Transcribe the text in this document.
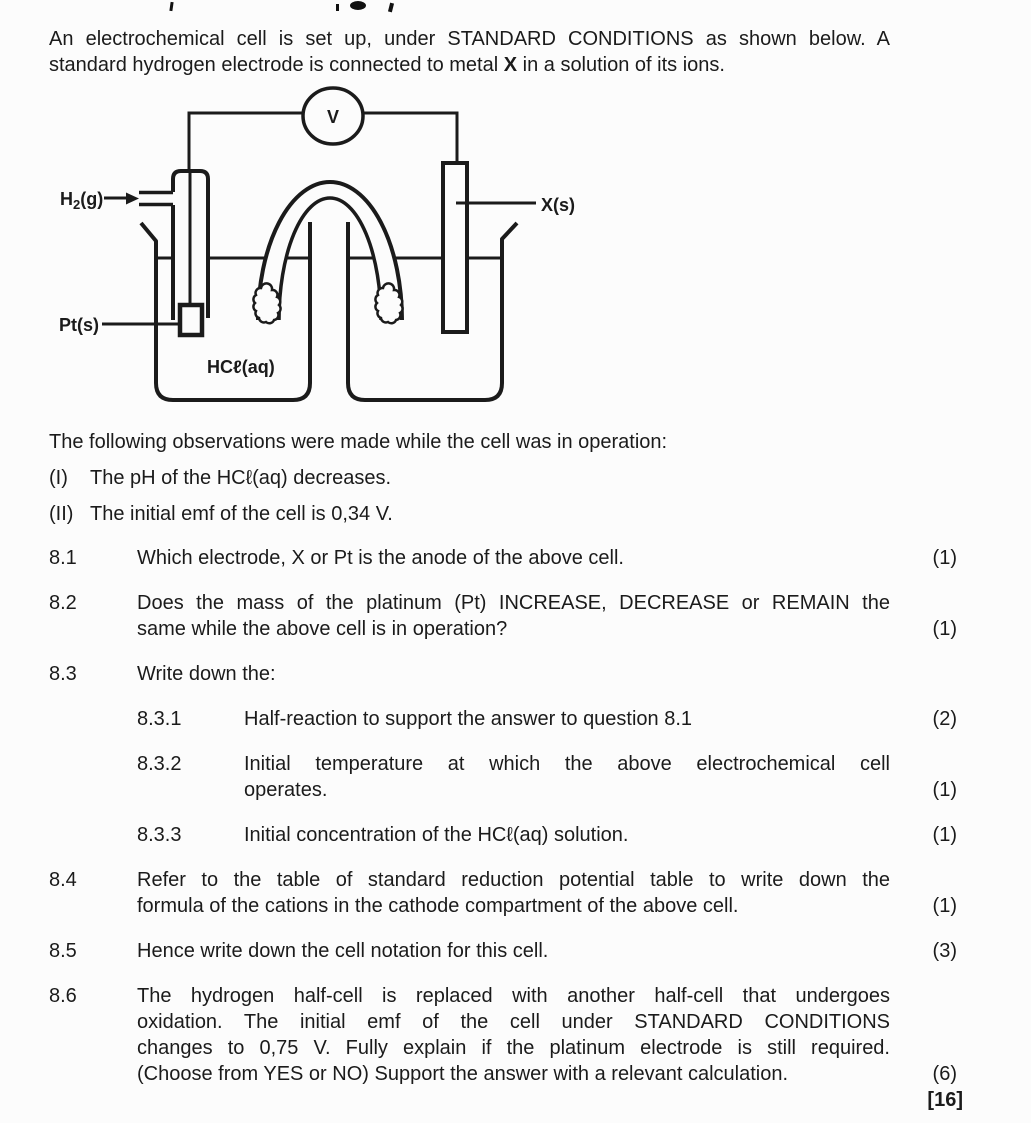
An electrochemical cell is set up, under STANDARD CONDITIONS as shown below. A
standard hydrogen electrode is connected to metal X in a solution of its ions.
V
$H_2(g)$
Pt(s)
X(s)
HCℓ(aq)
The following observations were made while the cell was in operation:
(I) The pH of the HCℓ(aq) decreases.
(II) The initial emf of the cell is 0,34 V.
8.1	Which electrode, X or Pt is the anode of the above cell.	(1)
8.2	Does the mass of the platinum (Pt) INCREASE, DECREASE or REMAIN the
same while the above cell is in operation?	(1)
8.3	Write down the:
8.3.1	Half-reaction to support the answer to question 8.1	(2)
8.3.2	Initial temperature at which the above electrochemical cell
operates.	(1)
8.3.3	Initial concentration of the HCℓ(aq) solution.	(1)
8.4	Refer to the table of standard reduction potential table to write down the
formula of the cations in the cathode compartment of the above cell.	(1)
8.5	Hence write down the cell notation for this cell.	(3)
8.6	The hydrogen half-cell is replaced with another half-cell that undergoes
oxidation. The initial emf of the cell under STANDARD CONDITIONS
changes to 0,75 V. Fully explain if the platinum electrode is still required.
(Choose from YES or NO) Support the answer with a relevant calculation.	(6)
[16]
